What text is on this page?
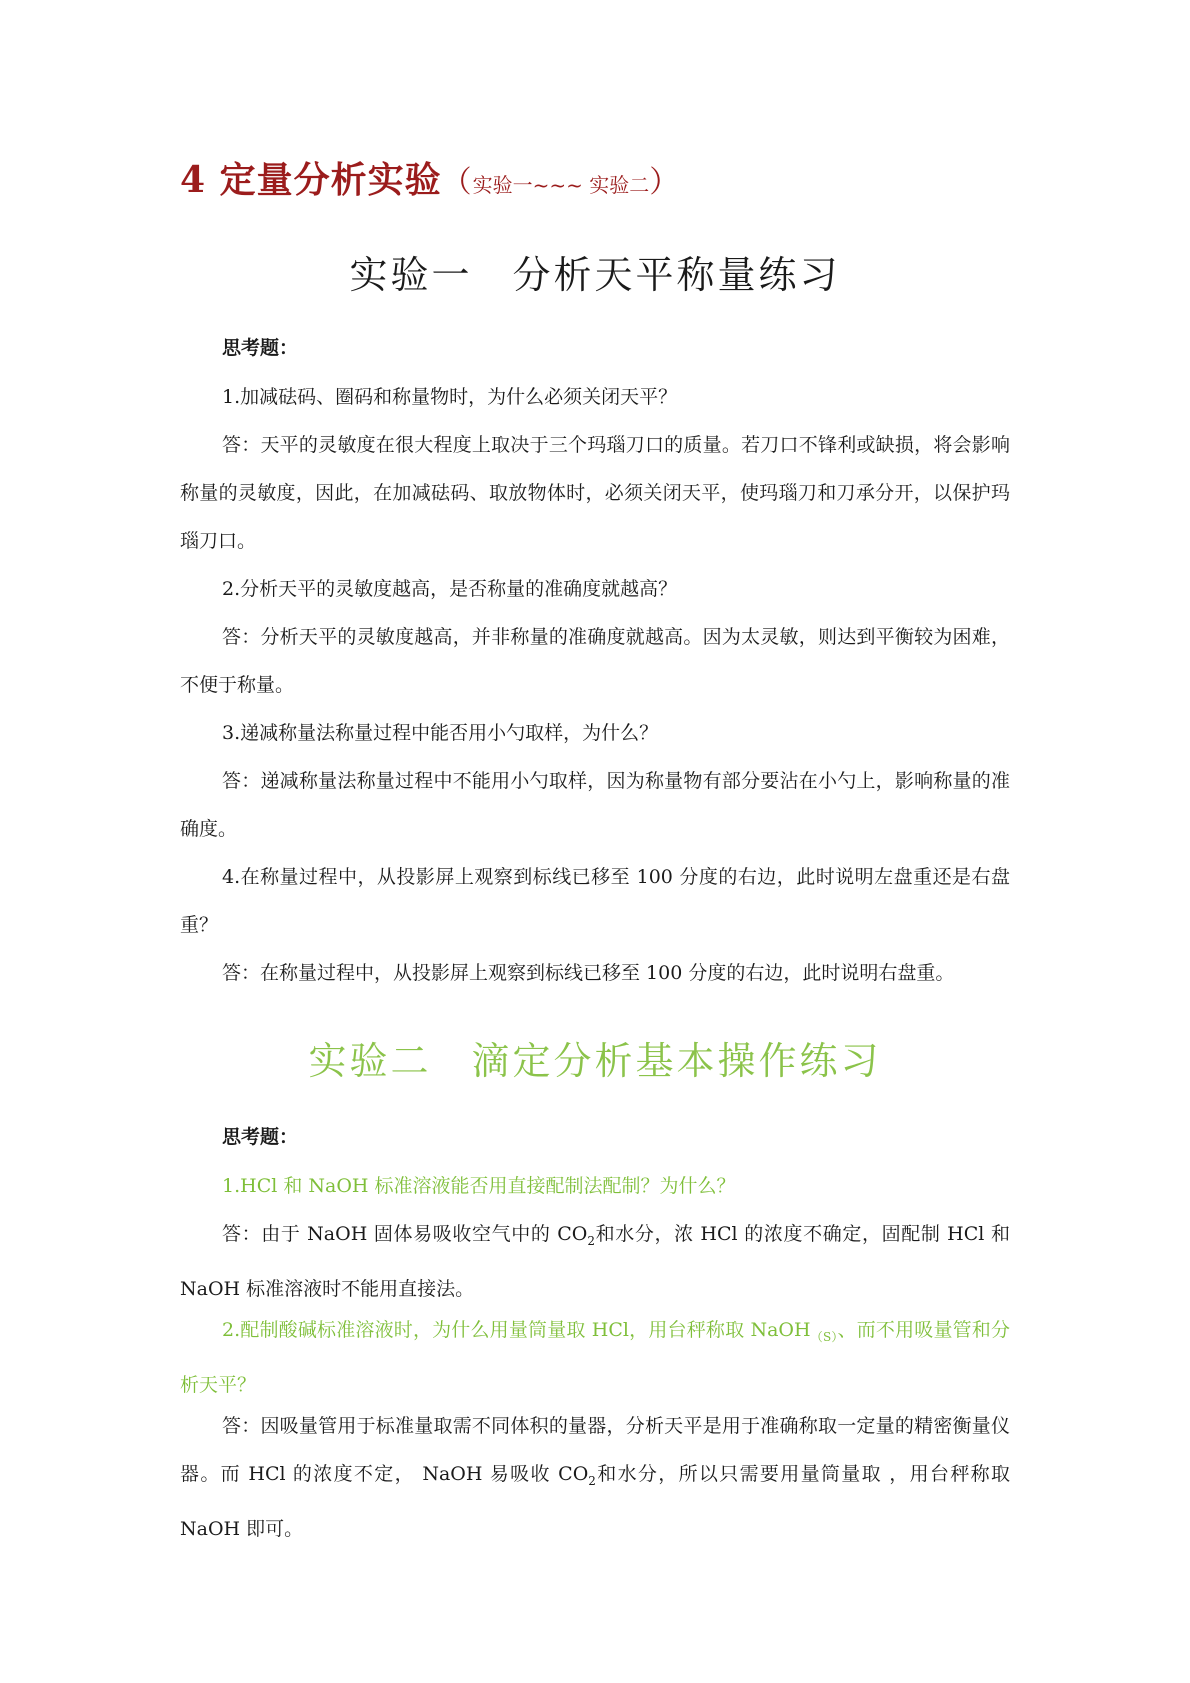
4 定量分析实验（实验一~~~ 实验二）
实验一 分析天平称量练习
思考题：
1.加减砝码、圈码和称量物时，为什么必须关闭天平？
答：天平的灵敏度在很大程度上取决于三个玛瑙刀口的质量。若刀口不锋利或缺损，将会影响称量的灵敏度，因此，在加减砝码、取放物体时，必须关闭天平，使玛瑙刀和刀承分开，以保护玛瑙刀口。
2.分析天平的灵敏度越高，是否称量的准确度就越高？
答：分析天平的灵敏度越高，并非称量的准确度就越高。因为太灵敏，则达到平衡较为困难，不便于称量。
3.递减称量法称量过程中能否用小勺取样，为什么？
答：递减称量法称量过程中不能用小勺取样，因为称量物有部分要沾在小勺上，影响称量的准确度。
4.在称量过程中，从投影屏上观察到标线已移至 100 分度的右边，此时说明左盘重还是右盘重？
答：在称量过程中，从投影屏上观察到标线已移至 100 分度的右边，此时说明右盘重。
实验二 滴定分析基本操作练习
思考题：
1.HCl 和 NaOH 标准溶液能否用直接配制法配制？为什么？
答：由于 NaOH 固体易吸收空气中的 $CO_2$和水分，浓 HCl 的浓度不确定，固配制 HCl 和 NaOH 标准溶液时不能用直接法。
2.配制酸碱标准溶液时，为什么用量筒量取 HCl，用台秤称取 NaOH$_{(S)}$、而不用吸量管和分析天平？
答：因吸量管用于标准量取需不同体积的量器，分析天平是用于准确称取一定量的精密衡量仪器。而 HCl 的浓度不定， NaOH 易吸收 $CO_2$和水分，所以只需要用量筒量取 ，用台秤称取 NaOH 即可。
